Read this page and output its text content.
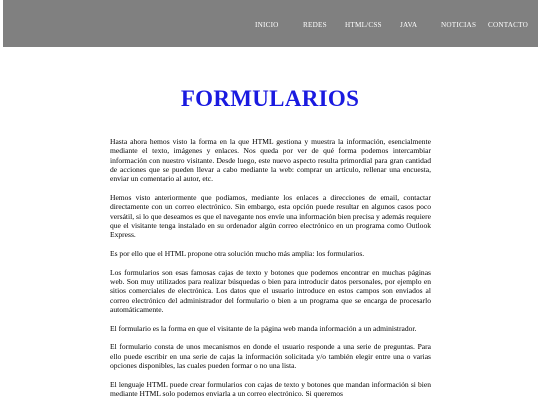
INICIO	REDES	HTML/CSS	JAVA	NOTICIAS CONTACTO
FORMULARIOS

Hasta ahora hemos visto la forma en la que HTML gestiona y muestra la información, esencialmente mediante el texto, imágenes y enlaces. Nos queda por ver de qué forma podemos intercambiar información con nuestro visitante. Desde luego, este nuevo aspecto resulta primordial para gran cantidad de acciones que se pueden llevar a cabo mediante la web: comprar un artículo, rellenar una encuesta, enviar un comentario al autor, etc.

Hemos visto anteriormente que podíamos, mediante los enlaces a direcciones de email, contactar directamente con un correo electrónico. Sin embargo, esta opción puede resultar en algunos casos poco versátil, si lo que deseamos es que el navegante nos envíe una información bien precisa y además requiere que el visitante tenga instalado en su ordenador algún correo electrónico en un programa como Outlook Express.

Es por ello que el HTML propone otra solución mucho más amplia: los formularios.

Los formularios son esas famosas cajas de texto y botones que podemos encontrar en muchas páginas web. Son muy utilizados para realizar búsquedas o bien para introducir datos personales, por ejemplo en sitios comerciales de electrónica. Los datos que el usuario introduce en estos campos son enviados al correo electrónico del administrador del formulario o bien a un programa que se encarga de procesarlo automáticamente.

El formulario es la forma en que el visitante de la página web manda información a un administrador.

El formulario consta de unos mecanismos en donde el usuario responde a una serie de preguntas. Para ello puede escribir en una serie de cajas la información solicitada y/o también elegir entre una o varias opciones disponibles, las cuales pueden formar o no una lista.

El lenguaje HTML puede crear formularios con cajas de texto y botones que mandan información si bien mediante HTML solo podemos enviarla a un correo electrónico. Si queremos
